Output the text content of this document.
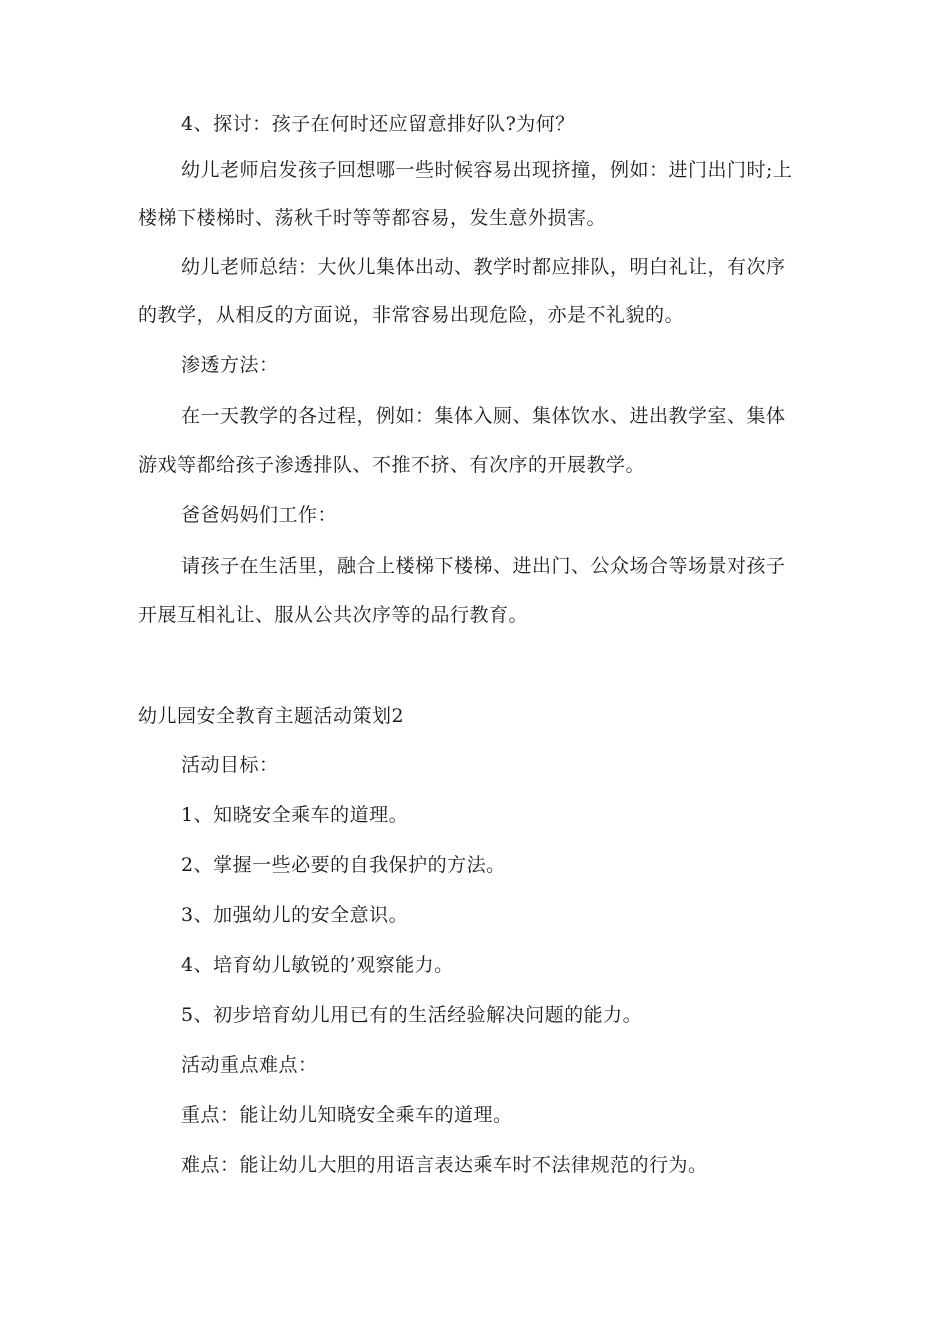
4、探讨：孩子在何时还应留意排好队?为何？
幼儿老师启发孩子回想哪一些时候容易出现挤撞，例如：进门出门时;上
楼梯下楼梯时、荡秋千时等等都容易，发生意外损害。
幼儿老师总结：大伙儿集体出动、教学时都应排队，明白礼让，有次序
的教学，从相反的方面说，非常容易出现危险，亦是不礼貌的。
渗透方法：
在一天教学的各过程，例如：集体入厕、集体饮水、进出教学室、集体
游戏等都给孩子渗透排队、不推不挤、有次序的开展教学。
爸爸妈妈们工作：
请孩子在生活里，融合上楼梯下楼梯、进出门、公众场合等场景对孩子
开展互相礼让、服从公共次序等的品行教育。
幼儿园安全教育主题活动策划2
活动目标：
1、知晓安全乘车的道理。
2、掌握一些必要的自我保护的方法。
3、加强幼儿的安全意识。
4、培育幼儿敏锐的’观察能力。
5、初步培育幼儿用已有的生活经验解决问题的能力。
活动重点难点：
重点：能让幼儿知晓安全乘车的道理。
难点：能让幼儿大胆的用语言表达乘车时不法律规范的行为。
